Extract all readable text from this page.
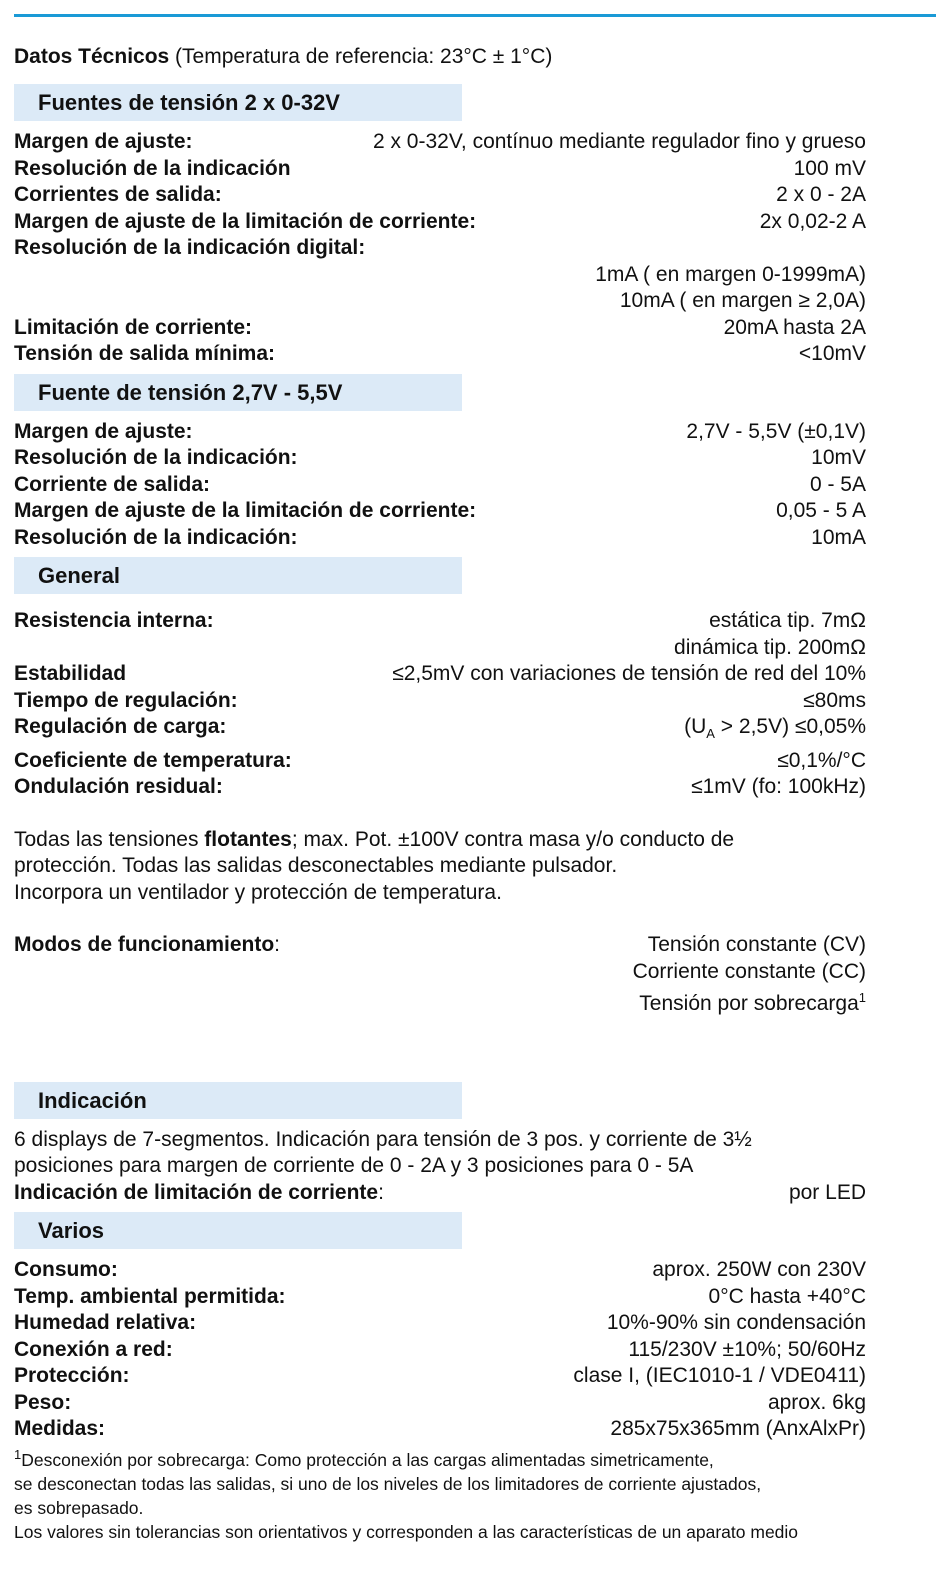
Datos Técnicos (Temperatura de referencia: 23°C ± 1°C)
Fuentes de tensión 2 x 0-32V
Margen de ajuste:	2 x 0-32V, contínuo mediante regulador fino y grueso
Resolución de la indicación	100 mV
Corrientes de salida:	2 x 0 - 2A
Margen de ajuste de la limitación de corriente:	2x 0,02-2 A
Resolución de la indicación digital:
1mA ( en margen 0-1999mA)
10mA ( en margen ≥ 2,0A)
Limitación de corriente:	20mA hasta 2A
Tensión de salida mínima:	<10mV
Fuente de tensión 2,7V - 5,5V
Margen de ajuste:	2,7V - 5,5V (±0,1V)
Resolución de la indicación:	10mV
Corriente de salida:	0 - 5A
Margen de ajuste de la limitación de corriente:	0,05 - 5 A
Resolución de la indicación:	10mA
General
Resistencia interna:	estática tip. 7mΩ
dinámica tip. 200mΩ
Estabilidad	≤2,5mV con variaciones de tensión de red del 10%
Tiempo de regulación:	≤80ms
Regulación de carga:	$(U_A > 2,5V) \le 0,05\%$
Coeficiente de temperatura:	≤0,1%/°C
Ondulación residual:	≤1mV (fo: 100kHz)
Todas las tensiones flotantes; max. Pot. ±100V contra masa y/o conducto de
protección. Todas las salidas desconectables mediante pulsador.
Incorpora un ventilador y protección de temperatura.
Modos de funcionamiento:	Tensión constante (CV)
Corriente constante (CC)
Tensión por sobrecarga$^1$
Indicación
6 displays de 7-segmentos. Indicación para tensión de 3 pos. y corriente de 3½
posiciones para margen de corriente de 0 - 2A y 3 posiciones para 0 - 5A
Indicación de limitación de corriente:	por LED
Varios
Consumo:	aprox. 250W con 230V
Temp. ambiental permitida:	0°C hasta +40°C
Humedad relativa:	10%-90% sin condensación
Conexión a red:	115/230V ±10%; 50/60Hz
Protección:	clase I, (IEC1010-1 / VDE0411)
Peso:	aprox. 6kg
Medidas:	285x75x365mm (AnxAlxPr)
$^1$Desconexión por sobrecarga: Como protección a las cargas alimentadas simetricamente,
se desconectan todas las salidas, si uno de los niveles de los limitadores de corriente ajustados,
es sobrepasado.
Los valores sin tolerancias son orientativos y corresponden a las características de un aparato medio
